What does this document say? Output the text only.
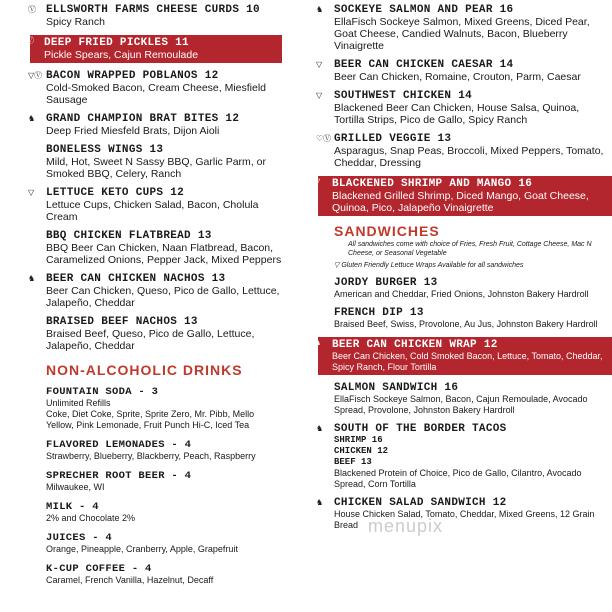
Ⓥ ELLSWORTH FARMS CHEESE CURDS 10
Spicy Ranch
Ⓥ DEEP FRIED PICKLES 11
Pickle Spears, Cajun Remoulade
▽Ⓥ BACON WRAPPED POBLANOS 12
Cold-Smoked Bacon, Cream Cheese, Miesfield Sausage
♞ GRAND CHAMPION BRAT BITES 12
Deep Fried Miesfeld Brats, Dijon Aioli
BONELESS WINGS 13
Mild, Hot, Sweet N Sassy BBQ, Garlic Parm, or Smoked BBQ, Celery, Ranch
▽	LETTUCE KETO CUPS 12
Lettuce Cups, Chicken Salad, Bacon, Cholula Cream
BBQ CHICKEN FLATBREAD 13
BBQ Beer Can Chicken, Naan Flatbread, Bacon, Caramelized Onions, Pepper Jack, Mixed Peppers
♞ BEER CAN CHICKEN NACHOS 13
Beer Can Chicken, Queso, Pico de Gallo, Lettuce, Jalapeño, Cheddar
BRAISED BEEF NACHOS 13
Braised Beef, Queso, Pico de Gallo, Lettuce, Jalapeño, Cheddar
NON-ALCOHOLIC DRINKS
FOUNTAIN SODA - 3
Unlimited Refills
Coke, Diet Coke, Sprite, Sprite Zero, Mr. Pibb, Mello Yellow, Pink Lemonade, Fruit Punch Hi-C, Iced Tea
FLAVORED LEMONADES - 4
Strawberry, Blueberry, Blackberry, Peach, Raspberry
SPRECHER ROOT BEER - 4
Milwaukee, WI
MILK - 4
2% and Chocolate 2%
JUICES - 4
Orange, Pineapple, Cranberry, Apple, Grapefruit
K-CUP COFFEE - 4
Caramel, French Vanilla, Hazelnut, Decaff
♞ SOCKEYE SALMON AND PEAR 16
EllaFisch Sockeye Salmon, Mixed Greens, Diced Pear, Goat Cheese, Candied Walnuts, Bacon, Blueberry Vinaigrette
▽	BEER CAN CHICKEN CAESAR 14
Beer Can Chicken, Romaine, Crouton, Parm, Caesar
▽	SOUTHWEST CHICKEN 14
Blackened Beer Can Chicken, House Salsa, Quinoa, Tortilla Strips, Pico de Gallo, Spicy Ranch
♡Ⓥ GRILLED VEGGIE 13
Asparagus, Snap Peas, Broccoli, Mixed Peppers, Tomato, Cheddar, Dressing
▽	BLACKENED SHRIMP AND MANGO 16
Blackened Grilled Shrimp, Diced Mango, Goat Cheese, Quinoa, Pico, Jalapeño Vinaigrette
SANDWICHES
All sandwiches come with choice of Fries, Fresh Fruit, Cottage Cheese, Mac N Cheese, or Seasonal Vegetable
▽ Gluten Friendly Lettuce Wraps Available for all sandwiches
JORDY BURGER 13
American and Cheddar, Fried Onions, Johnston Bakery Hardroll
FRENCH DIP 13
Braised Beef, Swiss, Provolone, Au Jus, Johnston Bakery Hardroll
♞ BEER CAN CHICKEN WRAP 12
Beer Can Chicken, Cold Smoked Bacon, Lettuce, Tomato, Cheddar, Spicy Ranch, Flour Tortilla
SALMON SANDWICH 16
EllaFisch Sockeye Salmon, Bacon, Cajun Remoulade, Avocado Spread, Provolone, Johnston Bakery Hardroll
♞ SOUTH OF THE BORDER TACOS
SHRIMP 16
CHICKEN 12
BEEF 13
Blackened Protein of Choice, Pico de Gallo, Cilantro, Avocado Spread, Corn Tortilla
♞ CHICKEN SALAD SANDWICH 12
House Chicken Salad, Tomato, Cheddar, Mixed Greens, 12 Grain Bread menupix
